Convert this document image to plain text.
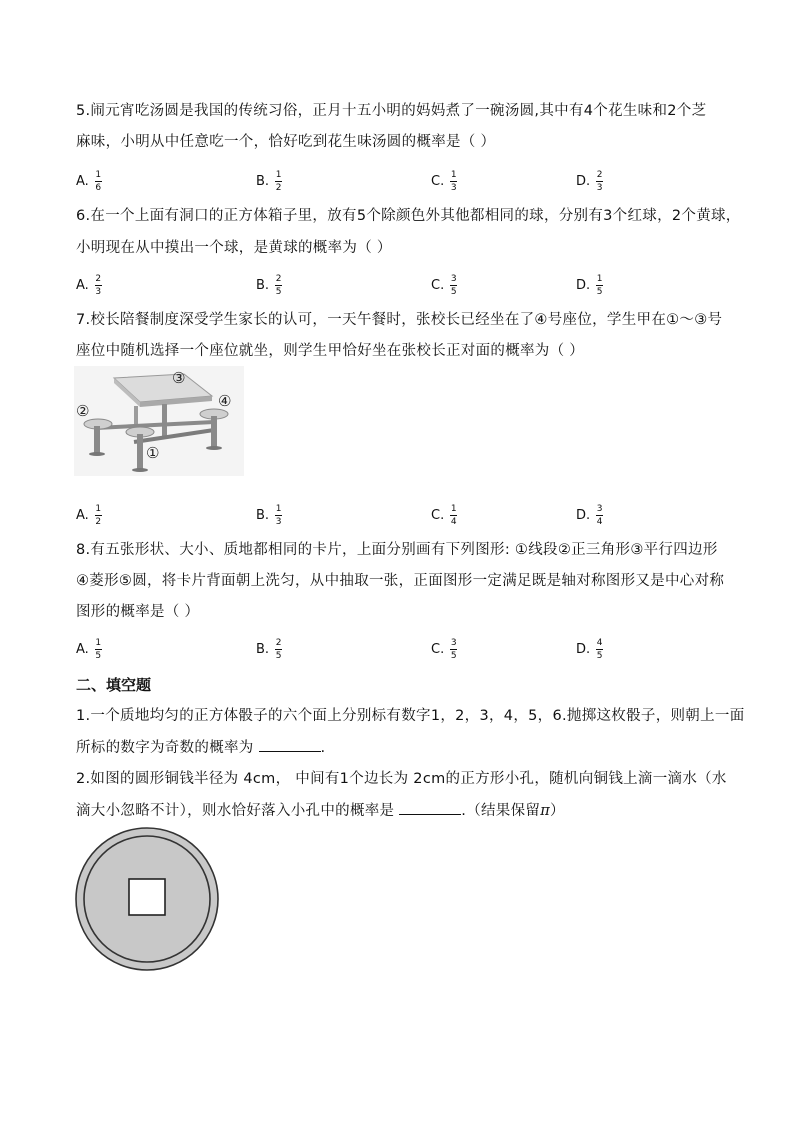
5.闹元宵吃汤圆是我国的传统习俗，正月十五小明的妈妈煮了一碗汤圆,其中有4个花生味和2个芝
麻味，小明从中任意吃一个，恰好吃到花生味汤圆的概率是（ ）
6.在一个上面有洞口的正方体箱子里，放有5个除颜色外其他都相同的球，分别有3个红球，2个黄球，
小明现在从中摸出一个球，是黄球的概率为（ ）
7.校长陪餐制度深受学生家长的认可，一天午餐时，张校长已经坐在了④号座位，学生甲在①～③号
座位中随机选择一个座位就坐，则学生甲恰好坐在张校长正对面的概率为（ ）
③
②
④
①
8.有五张形状、大小、质地都相同的卡片，上面分别画有下列图形: ①线段②正三角形③平行四边形
④菱形⑤圆，将卡片背面朝上洗匀，从中抽取一张，正面图形一定满足既是轴对称图形又是中心对称
图形的概率是（ ）
二、填空题
1.一个质地均匀的正方体骰子的六个面上分别标有数字1，2，3，4，5，6.抛掷这枚骰子，则朝上一面
所标的数字为奇数的概率为	.
2.如图的圆形铜钱半径为 4cm， 中间有1个边长为 2cm的正方形小孔，随机向铜钱上滴一滴水（水
滴大小忽略不计），则水恰好落入小孔中的概率是	.（结果保留π）
A. $\frac{1}{6}$	B. $\frac{1}{2}$	C. $\frac{1}{3}$	D. $\frac{2}{3}$
A. $\frac{2}{3}$	B. $\frac{2}{5}$	C. $\frac{3}{5}$	D. $\frac{1}{5}$
A. $\frac{1}{2}$	B. $\frac{1}{3}$	C. $\frac{1}{4}$	D. $\frac{3}{4}$
A. $\frac{1}{5}$	B. $\frac{2}{5}$	C. $\frac{3}{5}$	D. $\frac{4}{5}$
